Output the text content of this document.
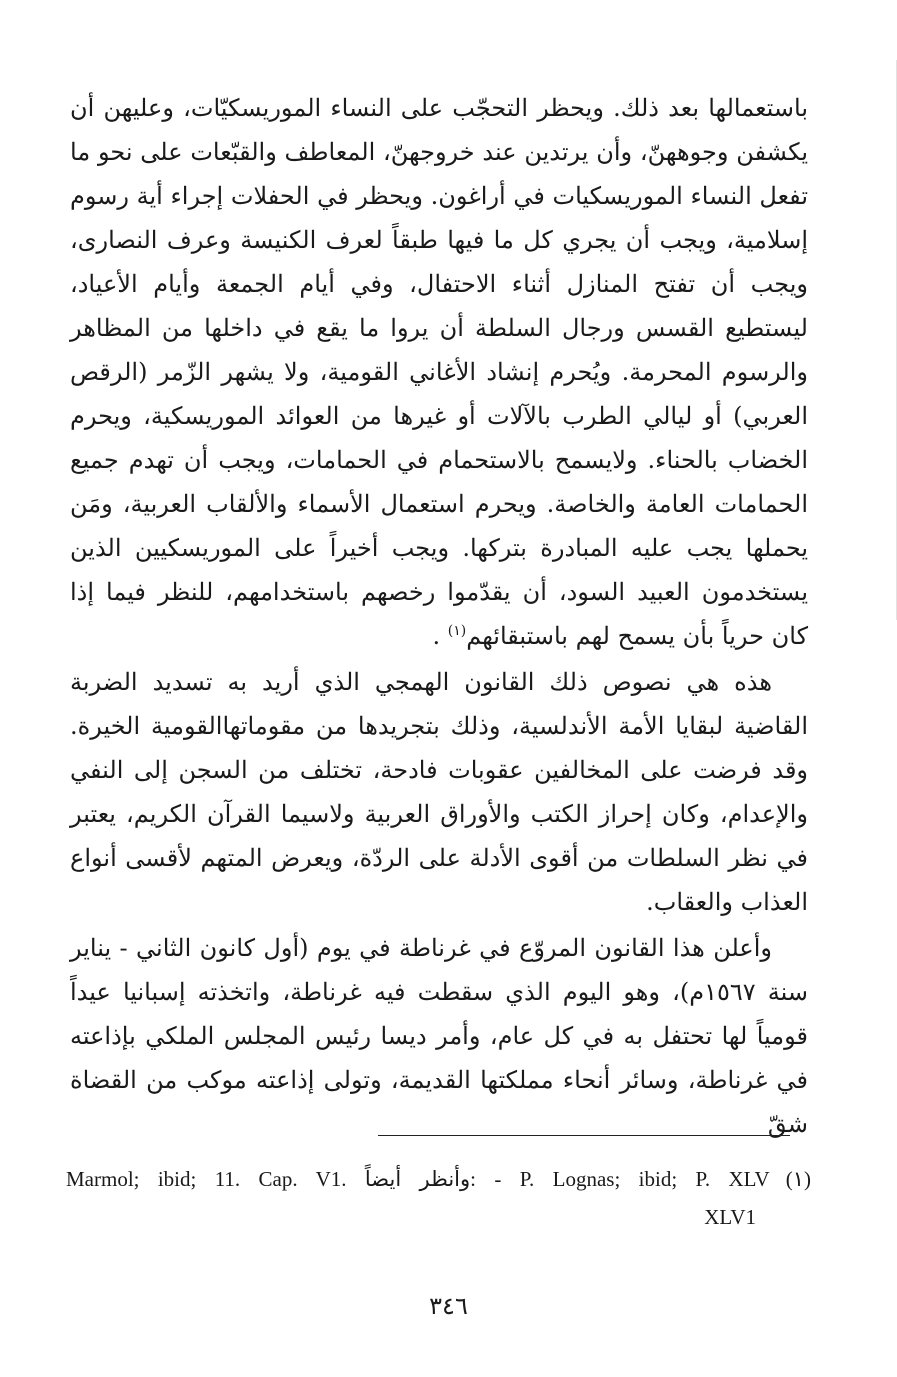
باستعمالها بعد ذلك. ويحظر التحجّب على النساء الموريسكيّات، وعليهن أن يكشفن وجوههنّ، وأن يرتدين عند خروجهنّ، المعاطف والقبّعات على نحو ما تفعل النساء الموريسكيات في أراغون. ويحظر في الحفلات إجراء أية رسوم إسلامية، ويجب أن يجري كل ما فيها طبقاً لعرف الكنيسة وعرف النصارى، ويجب أن تفتح المنازل أثناء الاحتفال، وفي أيام الجمعة وأيام الأعياد، ليستطيع القسس ورجال السلطة أن يروا ما يقع في داخلها من المظاهر والرسوم المحرمة. ويُحرم إنشاد الأغاني القومية، ولا يشهر الزّمر (الرقص العربي) أو ليالي الطرب بالآلات أو غيرها من العوائد الموريسكية، ويحرم الخضاب بالحناء. ولايسمح بالاستحمام في الحمامات، ويجب أن تهدم جميع الحمامات العامة والخاصة. ويحرم استعمال الأسماء والألقاب العربية، ومَن يحملها يجب عليه المبادرة بتركها. ويجب أخيراً على الموريسكيين الذين يستخدمون العبيد السود، أن يقدّموا رخصهم باستخدامهم، للنظر فيما إذا كان حرياً بأن يسمح لهم باستبقائهم$^{(١)}$ .

هذه هي نصوص ذلك القانون الهمجي الذي أريد به تسديد الضربة القاضية لبقايا الأمة الأندلسية، وذلك بتجريدها من مقوماتهاالقومية الخيرة. وقد فرضت على المخالفين عقوبات فادحة، تختلف من السجن إلى النفي والإعدام، وكان إحراز الكتب والأوراق العربية ولاسيما القرآن الكريم، يعتبر في نظر السلطات من أقوى الأدلة على الردّة، ويعرض المتهم لأقسى أنواع العذاب والعقاب.

وأعلن هذا القانون المروّع في غرناطة في يوم (أول كانون الثاني - يناير سنة ١٥٦٧م)، وهو اليوم الذي سقطت فيه غرناطة، واتخذته إسبانيا عيداً قومياً لها تحتفل به في كل عام، وأمر ديسا رئيس المجلس الملكي بإذاعته في غرناطة، وسائر أنحاء مملكتها القديمة، وتولى إذاعته موكب من القضاة شقّ

(١)Marmol; ibid; 11. Cap. V1. وأنظر أيضاً: - P. Lognas; ibid; P. XLV
XLV1
٣٤٦
